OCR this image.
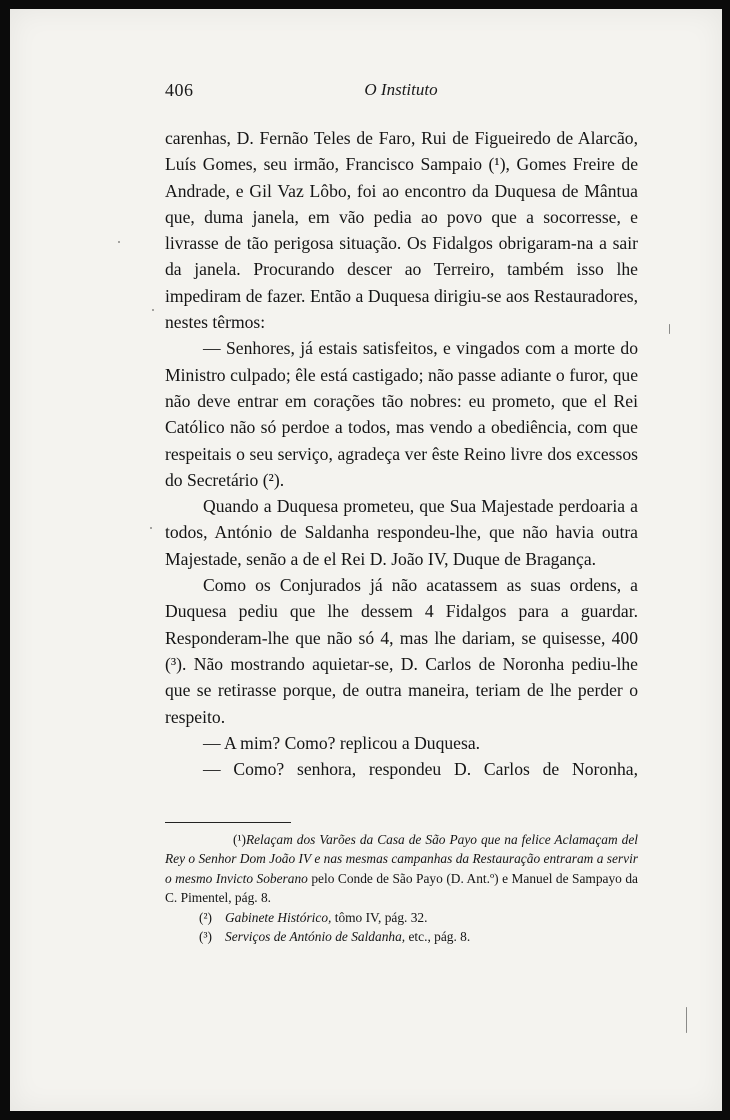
406	O Instituto

carenhas, D. Fernão Teles de Faro, Rui de Figueiredo de Alarcão, Luís Gomes, seu irmão, Francisco Sampaio (¹), Gomes Freire de Andrade, e Gil Vaz Lôbo, foi ao encontro da Duquesa de Mântua que, duma janela, em vão pedia ao povo que a socorresse, e livrasse de tão perigosa situação. Os Fidalgos obrigaram-na a sair da janela. Procurando descer ao Terreiro, também isso lhe impediram de fazer. Então a Duquesa dirigiu-se aos Restauradores, nestes têrmos:

— Senhores, já estais satisfeitos, e vingados com a morte do Ministro culpado; êle está castigado; não passe adiante o furor, que não deve entrar em corações tão nobres: eu prometo, que el Rei Católico não só perdoe a todos, mas vendo a obediência, com que respeitais o seu serviço, agradeça ver êste Reino livre dos excessos do Secretário (²).

Quando a Duquesa prometeu, que Sua Majestade perdoaria a todos, António de Saldanha respondeu-lhe, que não havia outra Majestade, senão a de el Rei D. João IV, Duque de Bragança.

Como os Conjurados já não acatassem as suas ordens, a Duquesa pediu que lhe dessem 4 Fidalgos para a guardar. Responderam-lhe que não só 4, mas lhe dariam, se quisesse, 400 (³). Não mostrando aquietar-se, D. Carlos de Noronha pediu-lhe que se retirasse porque, de outra maneira, teriam de lhe perder o respeito.

— A mim? Como? replicou a Duquesa.

— Como? senhora, respondeu D. Carlos de Noronha,

(¹)Relaçam dos Varões da Casa de São Payo que na felice Aclamaçam del Rey o Senhor Dom João IV e nas mesmas campanhas da Restauração entraram a servir o mesmo Invicto Soberano pelo Conde de São Payo (D. Ant.º) e Manuel de Sampayo da C. Pimentel, pág. 8.

(²) Gabinete Histórico, tômo IV, pág. 32.

(³) Serviços de António de Saldanha, etc., pág. 8.
